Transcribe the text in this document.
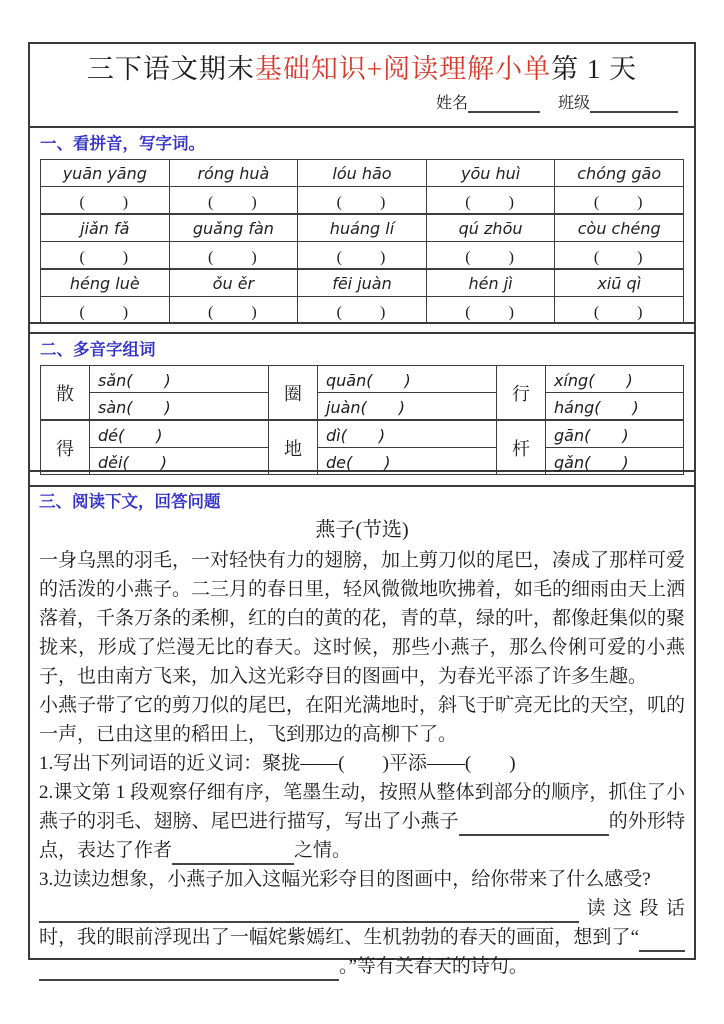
三下语文期末基础知识+阅读理解小单第 1 天
姓名	班级
一、看拼音，写字词。
yuān yāng	róng huà	lóu hāo	yōu huì	chóng gāo
(　　)	(　　)	(　　)	(　　)	(　　)
jiǎn fǎ	guǎng fàn	huáng lí	qú zhōu	còu chéng
(　　)	(　　)	(　　)	(　　)	(　　)
héng luè	ǒu ěr	fēi juàn	hén jì	xiū qì
(　　)	(　　)	(　　)	(　　)	(　　)
二、多音字组词
散	sǎn(　　)	圈	quān(　　)	行	xíng(　　)
	sàn(　　)		juàn(　　)		háng(　　)
得	dé(　　)	地	dì(　　)	杆	gān(　　)
	děi(　　)		de(　　)		gǎn(　　)
三、阅读下文，回答问题
燕子(节选)

一身乌黑的羽毛，一对轻快有力的翅膀，加上剪刀似的尾巴，凑成了那样可爱的活泼的小燕子。二三月的春日里，轻风微微地吹拂着，如毛的细雨由天上洒落着，千条万条的柔柳，红的白的黄的花，青的草，绿的叶，都像赶集似的聚拢来，形成了烂漫无比的春天。这时候，那些小燕子，那么伶俐可爱的小燕子，也由南方飞来，加入这光彩夺目的图画中，为春光平添了许多生趣。

小燕子带了它的剪刀似的尾巴，在阳光满地时，斜飞于旷亮无比的天空，叽的一声，已由这里的稻田上，飞到那边的高柳下了。

1.写出下列词语的近义词：聚拢——(　　)平添——(　　)

2.课文第 1 段观察仔细有序，笔墨生动，按照从整体到部分的顺序，抓住了小燕子的羽毛、翅膀、尾巴进行描写，写出了小燕子	的外形特点，表达了作者	之情。

3.边读边想象，小燕子加入这幅光彩夺目的图画中，给你带来了什么感受?
读这段话时，我的眼前浮现出了一幅姹紫嫣红、生机勃勃的春天的画面，想到了“。”等有关春天的诗句。
